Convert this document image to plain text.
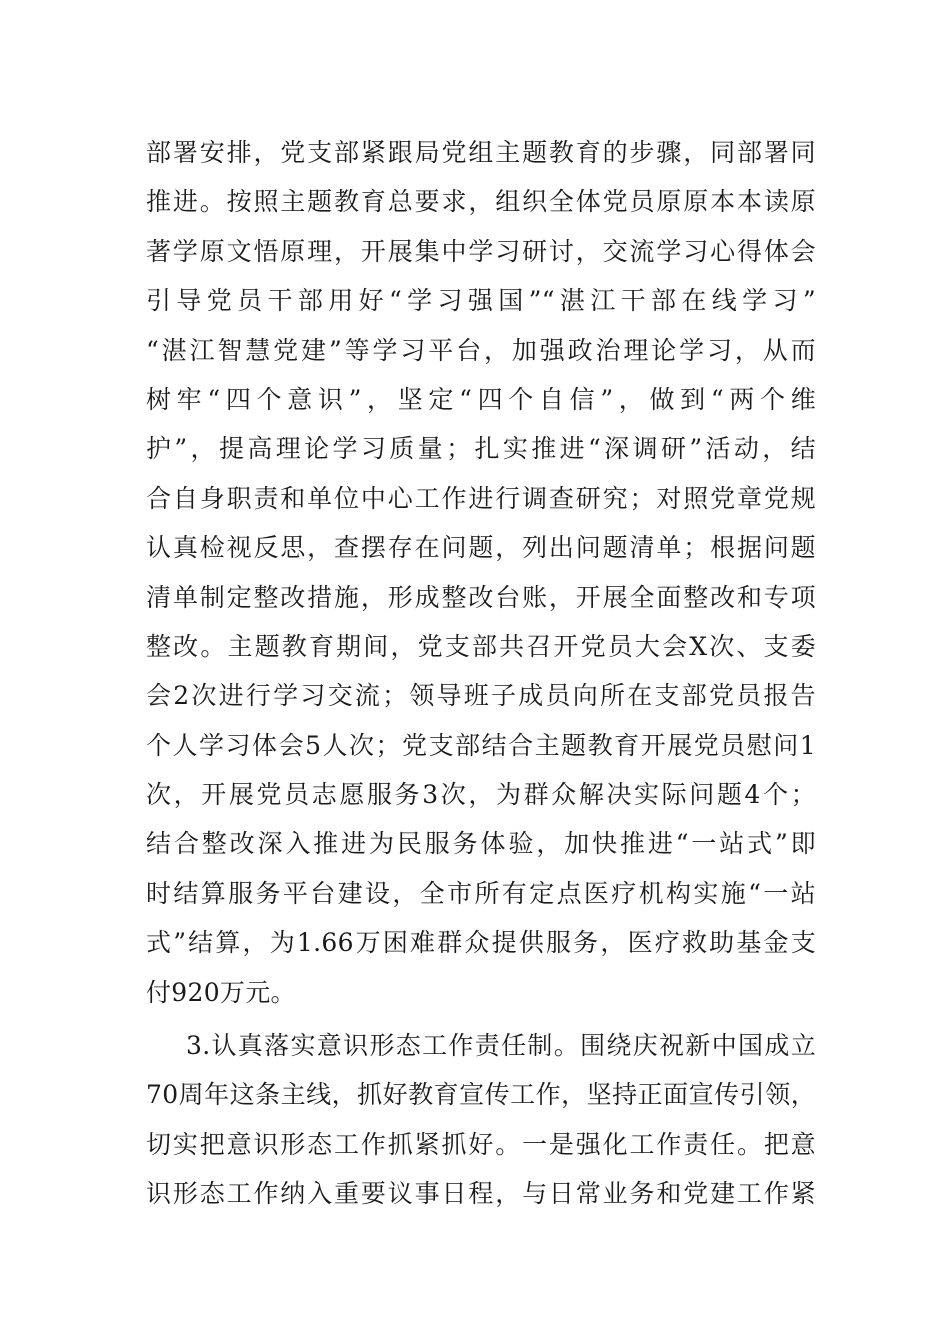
部署安排，党支部紧跟局党组主题教育的步骤，同部署同
推进。按照主题教育总要求，组织全体党员原原本本读原
著学原文悟原理，开展集中学习研讨，交流学习心得体会
引导党员干部用好“学习强国”“湛江干部在线学习”
“湛江智慧党建”等学习平台，加强政治理论学习，从而
树牢“四个意识”，坚定“四个自信”，做到“两个维
护”，提高理论学习质量；扎实推进“深调研”活动，结
合自身职责和单位中心工作进行调查研究；对照党章党规
认真检视反思，查摆存在问题，列出问题清单；根据问题
清单制定整改措施，形成整改台账，开展全面整改和专项
整改。主题教育期间，党支部共召开党员大会X次、支委
会2次进行学习交流；领导班子成员向所在支部党员报告
个人学习体会5人次；党支部结合主题教育开展党员慰问1
次，开展党员志愿服务3次，为群众解决实际问题4个；
结合整改深入推进为民服务体验，加快推进“一站式”即
时结算服务平台建设，全市所有定点医疗机构实施“一站
式”结算，为1.66万困难群众提供服务，医疗救助基金支
付920万元。
3.认真落实意识形态工作责任制。围绕庆祝新中国成立
70周年这条主线，抓好教育宣传工作，坚持正面宣传引领，
切实把意识形态工作抓紧抓好。一是强化工作责任。把意
识形态工作纳入重要议事日程，与日常业务和党建工作紧
